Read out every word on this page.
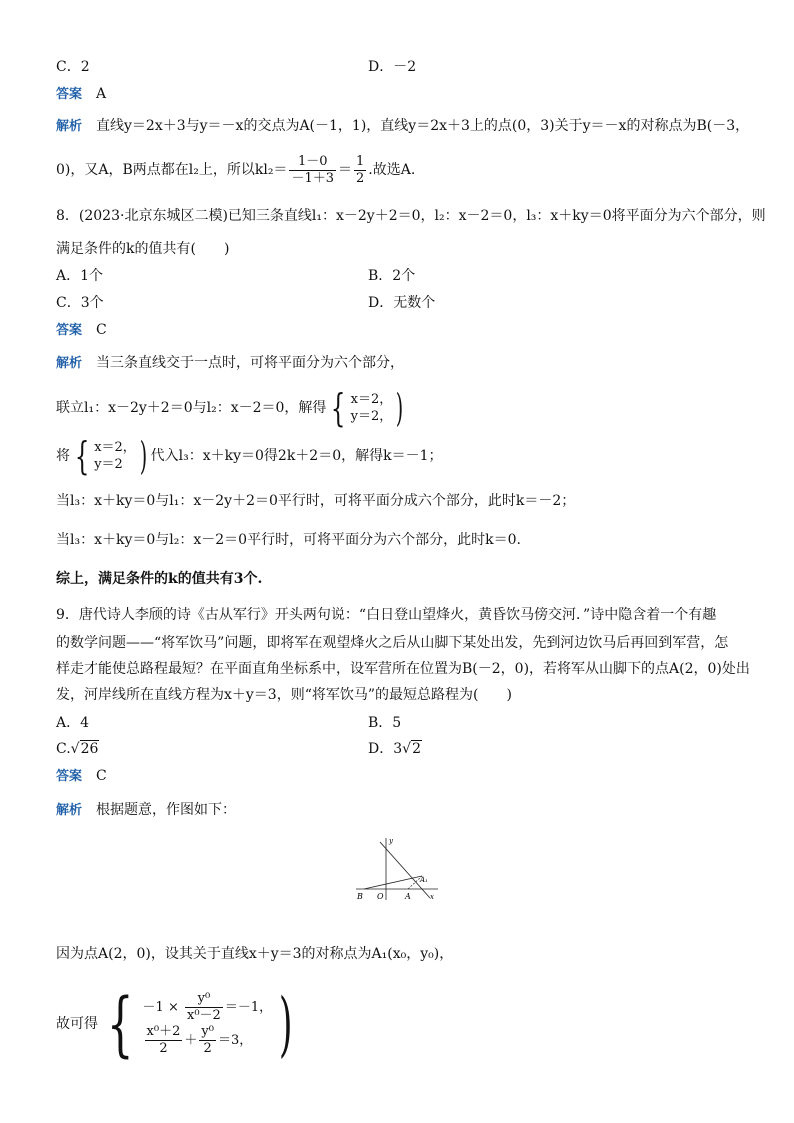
C．2	D．－2
答案 A
解析 直线y＝2x＋3与y＝－x的交点为A(－1，1)，直线y＝2x＋3上的点(0，3)关于y＝－x的对称点为B(－3，
0)，又A，B两点都在l₂上，所以$kl_2= \frac{1-0}{-1+3} = \frac{1}{2}$ .故选A.
8．(2023·北京东城区二模)已知三条直线l₁：x－2y＋2＝0，l₂：x－2＝0，l₃：x＋ky＝0将平面分为六个部分，则
满足条件的k的值共有(　　)
A．1个	B．2个
C．3个	D．无数个
答案 C
解析 当三条直线交于一点时，可将平面分为六个部分，
联立l₁：x－2y＋2＝0与l₂：x－2＝0，解得 { x＝2，
y＝2， )
将 { x＝2，
y＝2 ) 代入l₃：x＋ky＝0得2k＋2＝0，解得k＝－1；
当l₃：x＋ky＝0与l₁：x－2y＋2＝0平行时，可将平面分成六个部分，此时k＝－2；
当l₃：x＋ky＝0与l₂：x－2＝0平行时，可将平面分为六个部分，此时k＝0.
综上，满足条件的k的值共有3个.
9．唐代诗人李颀的诗《古从军行》开头两句说：“白日登山望烽火，黄昏饮马傍交河．”诗中隐含着一个有趣
的数学问题——“将军饮马”问题，即将军在观望烽火之后从山脚下某处出发，先到河边饮马后再回到军营，怎
样走才能使总路程最短？在平面直角坐标系中，设军营所在位置为B(－2，0)，若将军从山脚下的点A(2，0)处出
发，河岸线所在直线方程为x＋y＝3，则“将军饮马”的最短总路程为(　　)
A．4	B．5
C.√26	D．3√2
答案 C
解析 根据题意，作图如下：
y
B O	A
A₁
x
因为点A(2，0)，设其关于直线x＋y＝3的对称点为A₁(x₀，y₀)，
故可得 { $-1 \times \frac{\text{y⁰}}{\text{x⁰－2}} =-1$，
$\frac{\text{x⁰＋2}}{2} + \frac{\text{y⁰}}{2} =3$， )
